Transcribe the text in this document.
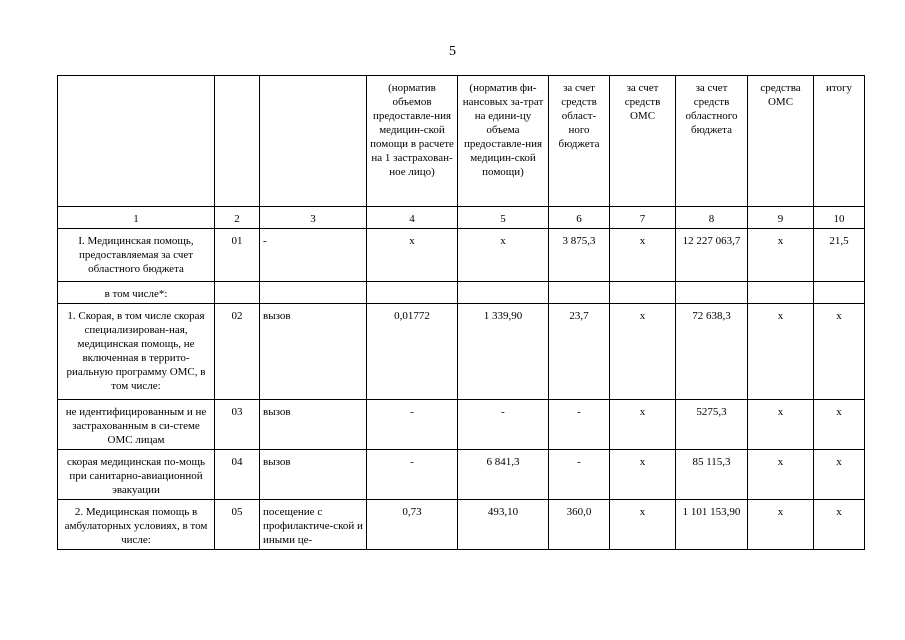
5
			(норматив объемов предоставле-ния медицин-ской помощи в расчете на 1 застрахован-ное лицо)	(норматив фи-нансовых за-трат на едини-цу объема предоставле-ния медицин-ской помощи)	за счет средств област-ного бюджета	за счет средств ОМС	за счет средств областного бюджета	средства ОМС	итогу
1	2	3	4	5	6	7	8	9	10
I. Медицинская помощь, предоставляемая за счет областного бюджета	01	-	х	х	3 875,3	х	12 227 063,7	х	21,5
в том числе*:									
1. Скорая, в том числе скорая специализирован-ная, медицинская помощь, не включенная в террито-риальную программу ОМС, в том числе:	02	вызов	0,01772	1 339,90	23,7	х	72 638,3	х	х
не идентифицированным и не застрахованным в си-стеме ОМС лицам	03	вызов	-	-	-	х	5275,3	х	х
скорая медицинская по-мощь при санитарно-авиационной эвакуации	04	вызов	-	6 841,3	-	х	85 115,3	х	х
2. Медицинская помощь в амбулаторных условиях, в том числе:	05	посещение с профилактиче-ской и иными це-	0,73	493,10	360,0	х	1 101 153,90	х	х
